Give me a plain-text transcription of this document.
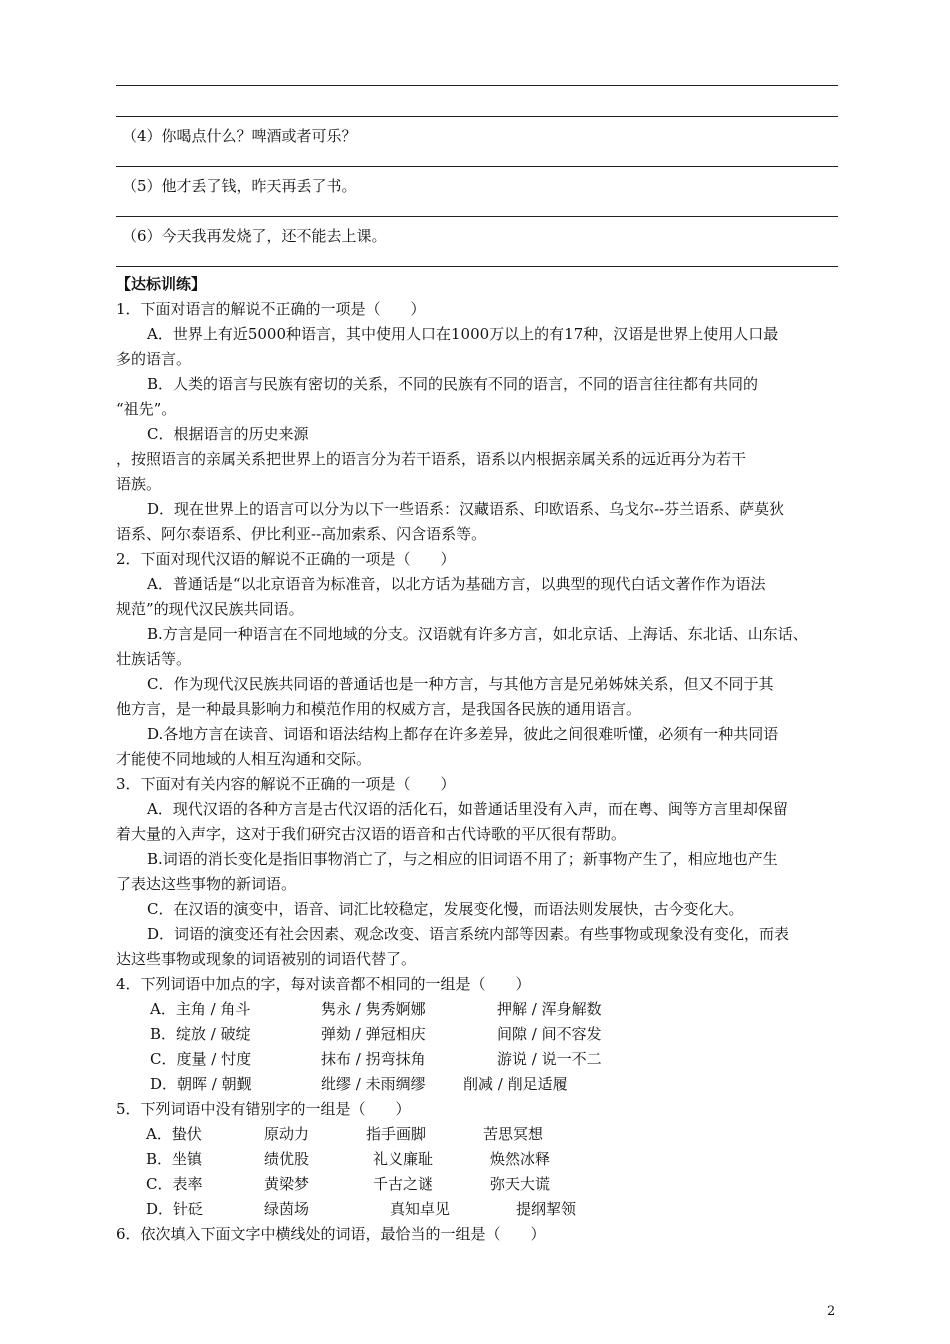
（4）你喝点什么？啤酒或者可乐？
（5）他才丢了钱，昨天再丢了书。
（6）今天我再发烧了，还不能去上课。
【达标训练】
1．下面对语言的解说不正确的一项是（　　）
A．世界上有近5000种语言，其中使用人口在1000万以上的有17种，汉语是世界上使用人口最
多的语言。
B．人类的语言与民族有密切的关系，不同的民族有不同的语言，不同的语言往往都有共同的
“祖先”。
C．根据语言的历史来源
，按照语言的亲属关系把世界上的语言分为若干语系，语系以内根据亲属关系的远近再分为若干
语族。
D．现在世界上的语言可以分为以下一些语系：汉藏语系、印欧语系、乌戈尔--芬兰语系、萨莫狄
语系、阿尔泰语系、伊比利亚--高加索系、闪含语系等。
2．下面对现代汉语的解说不正确的一项是（　　）
A．普通话是“以北京语音为标准音，以北方话为基础方言，以典型的现代白话文著作作为语法
规范”的现代汉民族共同语。
B.方言是同一种语言在不同地域的分支。汉语就有许多方言，如北京话、上海话、东北话、山东话、
壮族话等。
C．作为现代汉民族共同语的普通话也是一种方言，与其他方言是兄弟姊妹关系，但又不同于其
他方言，是一种最具影响力和模范作用的权威方言，是我国各民族的通用语言。
D.各地方言在读音、词语和语法结构上都存在许多差异，彼此之间很难听懂，必须有一种共同语
才能使不同地域的人相互沟通和交际。
3．下面对有关内容的解说不正确的一项是（　　）
A．现代汉语的各种方言是古代汉语的活化石，如普通话里没有入声，而在粤、闽等方言里却保留
着大量的入声字，这对于我们研究古汉语的语音和古代诗歌的平仄很有帮助。
B.词语的消长变化是指旧事物消亡了，与之相应的旧词语不用了；新事物产生了，相应地也产生
了表达这些事物的新词语。
C．在汉语的演变中，语音、词汇比较稳定，发展变化慢，而语法则发展快，古今变化大。
D．词语的演变还有社会因素、观念改变、语言系统内部等因素。有些事物或现象没有变化，而表
达这些事物或现象的词语被别的词语代替了。
4．下列词语中加点的字，每对读音都不相同的一组是（　　）
A．主角 / 角斗	隽永 / 隽秀婀娜	押解 / 浑身解数
B．绽放 / 破绽	弹劾 / 弹冠相庆	间隙 / 间不容发
C．度量 / 忖度	抹布 / 拐弯抹角	游说 / 说一不二
D．朝晖 / 朝觐	纰缪 / 未雨绸缪 削减 / 削足适履
5．下列词语中没有错别字的一组是（　　）
A．蛰伏	原动力	指手画脚	苦思冥想
B．坐镇	绩优股	礼义廉耻	焕然冰释
C．表率	黄梁梦	千古之谜	弥天大谎
D．针砭	绿茵场	真知卓见	提纲挈领
6．依次填入下面文字中横线处的词语，最恰当的一组是（　　）
2
